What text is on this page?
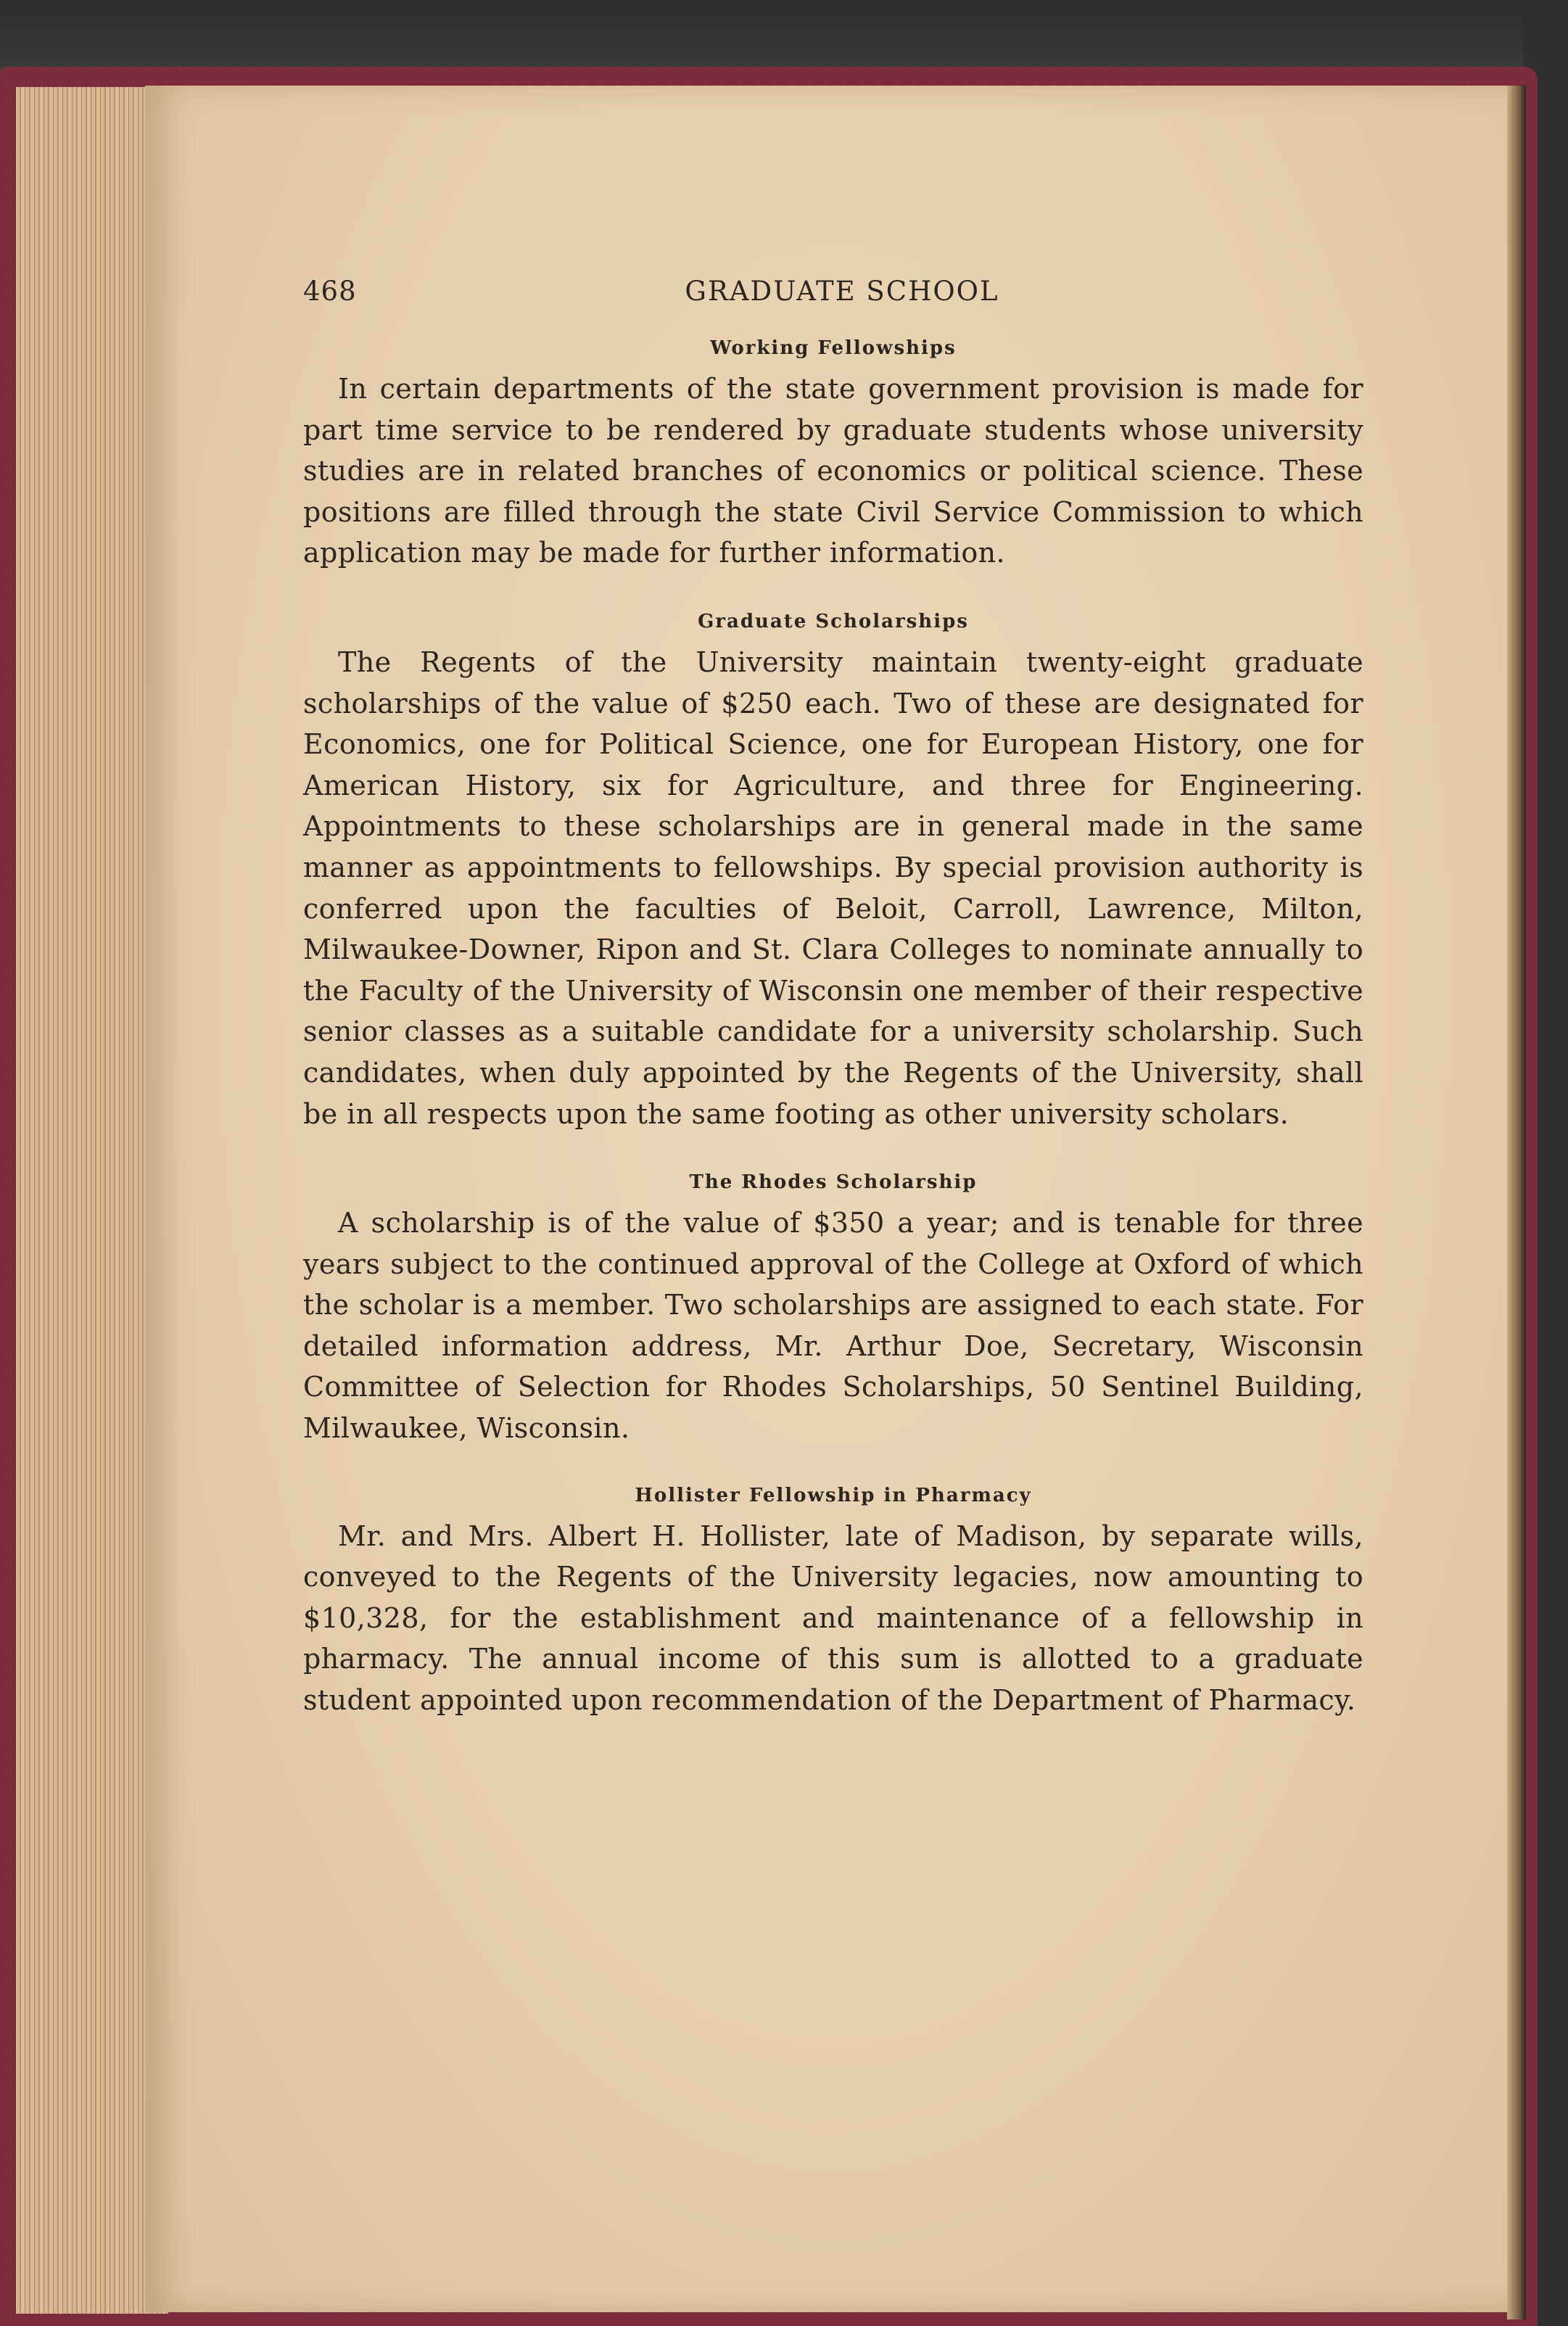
468	GRADUATE SCHOOL
Working Fellowships

In certain departments of the state government provision is made for part time service to be rendered by graduate students whose university studies are in related branches of economics or political science. These positions are filled through the state Civil Service Commission to which application may be made for further information.

Graduate Scholarships

The Regents of the University maintain twenty-eight graduate scholarships of the value of $250 each. Two of these are designated for Economics, one for Political Science, one for European History, one for American History, six for Agriculture, and three for Engineering. Appointments to these scholarships are in general made in the same manner as appointments to fellowships. By special provision authority is conferred upon the faculties of Beloit, Carroll, Lawrence, Milton, Milwaukee-Downer, Ripon and St. Clara Colleges to nominate annually to the Faculty of the University of Wisconsin one member of their respective senior classes as a suitable candidate for a university scholarship. Such candidates, when duly appointed by the Regents of the University, shall be in all respects upon the same footing as other university scholars.

The Rhodes Scholarship

A scholarship is of the value of $350 a year; and is tenable for three years subject to the continued approval of the College at Oxford of which the scholar is a member. Two scholarships are assigned to each state. For detailed information address, Mr. Arthur Doe, Secretary, Wisconsin Committee of Selection for Rhodes Scholarships, 50 Sentinel Building, Milwaukee, Wisconsin.

Hollister Fellowship in Pharmacy

Mr. and Mrs. Albert H. Hollister, late of Madison, by separate wills, conveyed to the Regents of the University legacies, now amounting to $10,328, for the establishment and maintenance of a fellowship in pharmacy. The annual income of this sum is allotted to a graduate student appointed upon recommendation of the Department of Pharmacy.
